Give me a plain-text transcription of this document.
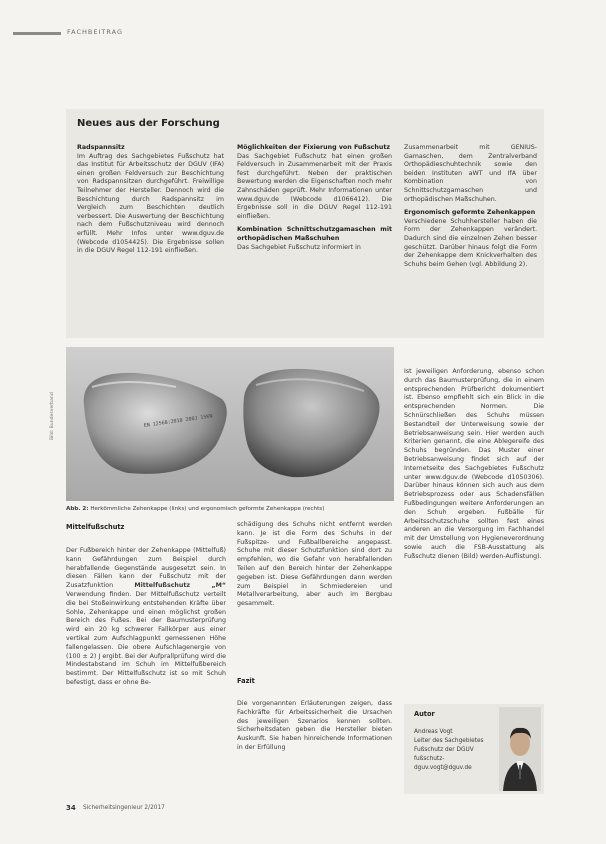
FACHBEITRAG
Neues aus der Forschung

Radspannsitz
Im Auftrag des Sachgebietes Fußschutz hat das Institut für Arbeitsschutz der DGUV (IFA) einen großen Feldversuch zur Beschichtung von Radspannsitzen durchgeführt. Freiwillige Teilnehmer der Hersteller. Dennoch wird die Beschichtung durch Radspannsitz im Vergleich zum Beschichten deutlich verbessert. Die Auswertung der Beschichtung nach dem Fußschutzniveau wird dennoch erfüllt. Mehr Infos unter www.dguv.de (Webcode d1054425). Die Ergebnisse sollen in die DGUV Regel 112-191 einfließen.

Möglichkeiten der Fixierung von Fußschutz
Das Sachgebiet Fußschutz hat einen großen Feldversuch in Zusammenarbeit mit der Praxis fest durchgeführt. Neben der praktischen Bewertung werden die Eigenschaften noch mehr Zahnschäden geprüft. Mehr Informationen unter www.dguv.de (Webcode d1066412). Die Ergebnisse soll in die DGUV Regel 112-191 einfließen.

Kombination Schnittschutzgamaschen mit orthopädischen Maßschuhen
Das Sachgebiet Fußschutz informiert in

Zusammenarbeit mit GENIUS-Gamaschen, dem Zentralverband Orthopädieschuhtechnik sowie den beiden Instituten aWT und IfA über Kombination von Schnittschutzgamaschen und orthopädischen Maßschuhen.

Ergonomisch geformte Zehenkappen
Verschiedene Schuhhersteller haben die Form der Zehenkappen verändert. Dadurch sind die einzelnen Zehen besser geschützt. Darüber hinaus folgt die Form der Zehenkappe dem Knickverhalten des Schuhs beim Gehen (vgl. Abbildung 2).

EN 12568:2010 200J 15KN
Bild: Bundesverband
Abb. 2: Herkömmliche Zehenkappe (links) und ergonomisch geformte Zehenkappe (rechts)

Ist jeweiligen Anforderung, ebenso schon durch das Baumusterprüfung, die in einem entsprechenden Prüfbericht dokumentiert ist. Ebenso empfiehlt sich ein Blick in die entsprechenden Normen. Die Schnürschließen des Schuhs müssen Bestandteil der Unterweisung sowie der Betriebsanweisung sein. Hier werden auch Kriterien genannt, die eine Ablegereife des Schuhs begründen. Das Muster einer Betriebsanweisung findet sich auf der Internetseite des Sachgebietes Fußschutz unter www.dguv.de (Webcode d1050306). Darüber hinaus können sich auch aus dem Betriebsprozess oder aus Schadensfällen Fußbedingungen weitere Anforderungen an den Schuh ergeben. Fußbälle für Arbeitsschutzschuhe sollten fest eines anderen an die Versorgung im Fachhandel mit der Umstellung von Hygieneverordnung sowie auch die FSB-Ausstattung als Fußschutz dienen (Bild) werden-Auflistung).

Mittelfußschutz

Der Fußbereich hinter der Zehenkappe (Mittelfuß) kann Gefährdungen zum Beispiel durch herabfallende Gegenstände ausgesetzt sein. In diesen Fällen kann der Fußschutz mit der Zusatzfunktion	Mittelfußschutz „M“ Verwendung finden. Der Mittelfußschutz verteilt die bei Stoßeinwirkung entstehenden Kräfte über Sohle, Zehenkappe und einen möglichst großen Bereich des Fußes. Bei der Baumusterprüfung wird ein 20 kg schwerer Fallkörper aus einer vertikal zum Aufschlagpunkt gemessenen Höhe fallengelassen. Die obere Aufschlagenergie von (100 ± 2) J ergibt. Bei der Aufprallprüfung wird die Mindestabstand im Schuh im Mittelfußbereich bestimmt. Der Mittelfußschutz ist so mit Schuh befestigt, dass er ohne Be-

schädigung des Schuhs nicht entfernt werden kann. Je ist die Form des Schuhs in der Fußspitze- und Fußballbereiche angepasst. Schuhe mit dieser Schutzfunktion sind dort zu empfehlen, wo die Gefahr von herabfallenden Teilen auf den Bereich hinter der Zehenkappe gegeben ist. Diese Gefährdungen dann werden zum Beispiel in Schmiedereien und Metallverarbeitung, aber auch im Bergbau gesammelt.

Fazit

Die vorgenannten Erläuterungen zeigen, dass Fachkräfte für Arbeitssicherheit die Ursachen des jeweiligen Szenarios kennen sollten. Sicherheitsdaten geben die Hersteller bieten Auskunft. Sie haben hinreichende Informationen in der Erfüllung

Autor
Andreas Vogt
Leiter des Sachgebietes
Fußschutz der DGUV
fußschutz-
dguv.vogt@dguv.de
34 Sicherheitsingenieur 2/2017
